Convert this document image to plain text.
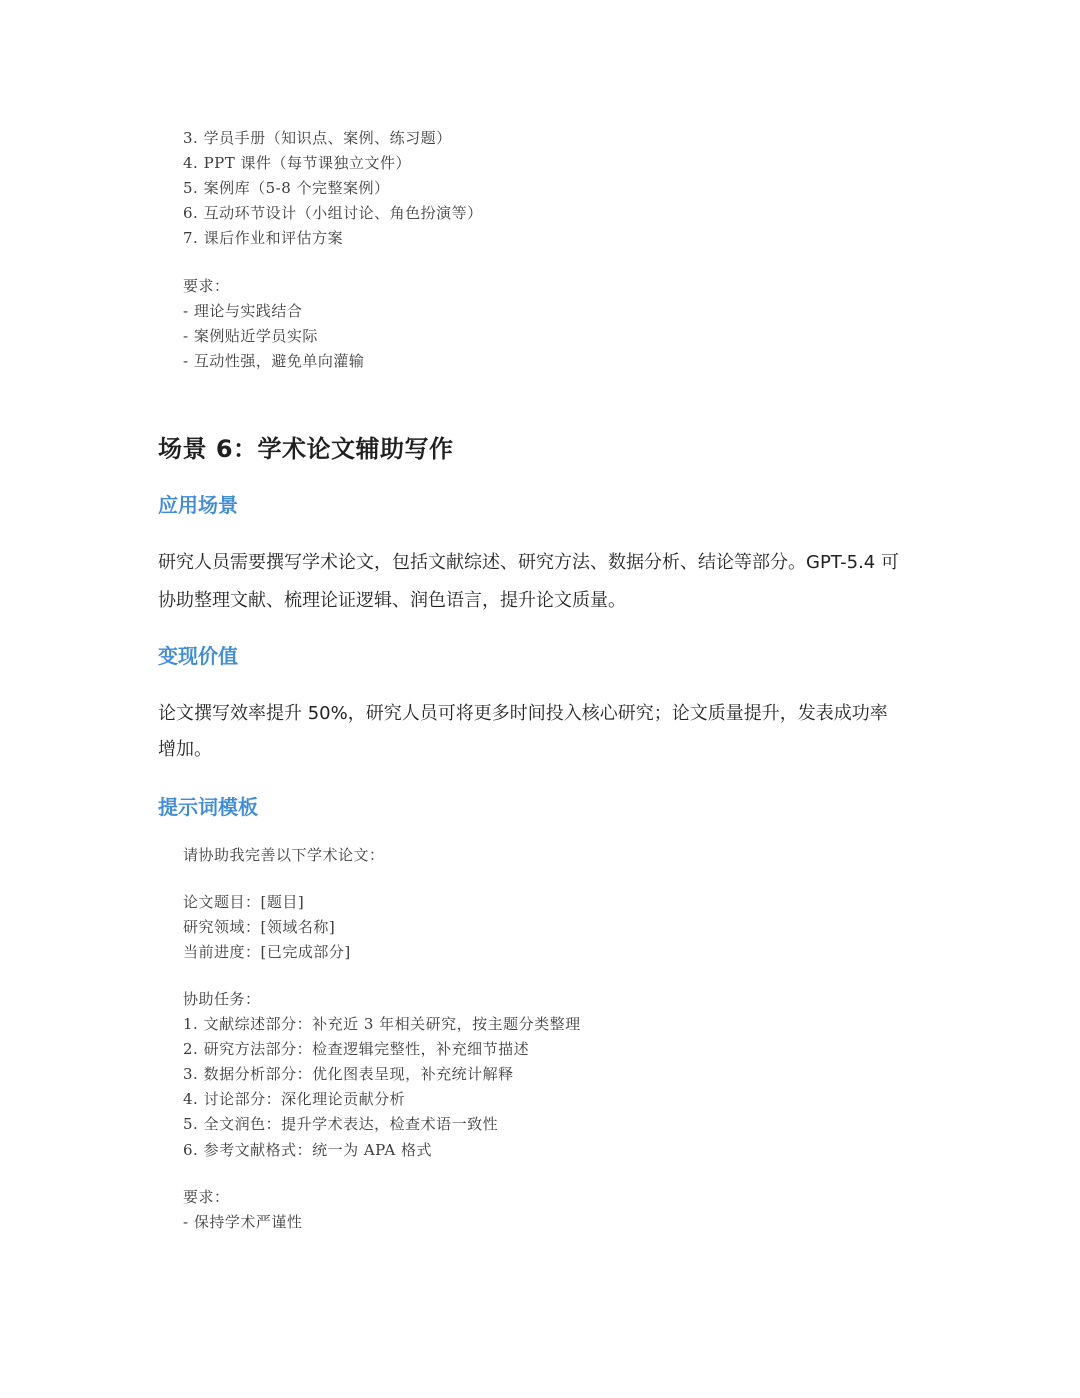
3. 学员手册（知识点、案例、练习题）
4. PPT 课件（每节课独立文件）
5. 案例库（5-8 个完整案例）
6. 互动环节设计（小组讨论、角色扮演等）
7. 课后作业和评估方案
要求：
- 理论与实践结合
- 案例贴近学员实际
- 互动性强，避免单向灌输
场景 6：学术论文辅助写作
应用场景
研究人员需要撰写学术论文，包括文献综述、研究方法、数据分析、结论等部分。GPT-5.4 可
协助整理文献、梳理论证逻辑、润色语言，提升论文质量。
变现价值
论文撰写效率提升 50%，研究人员可将更多时间投入核心研究；论文质量提升，发表成功率
增加。
提示词模板
请协助我完善以下学术论文：
论文题目：[题目]
研究领域：[领域名称]
当前进度：[已完成部分]
协助任务：
1. 文献综述部分：补充近 3 年相关研究，按主题分类整理
2. 研究方法部分：检查逻辑完整性，补充细节描述
3. 数据分析部分：优化图表呈现，补充统计解释
4. 讨论部分：深化理论贡献分析
5. 全文润色：提升学术表达，检查术语一致性
6. 参考文献格式：统一为 APA 格式
要求：
- 保持学术严谨性
